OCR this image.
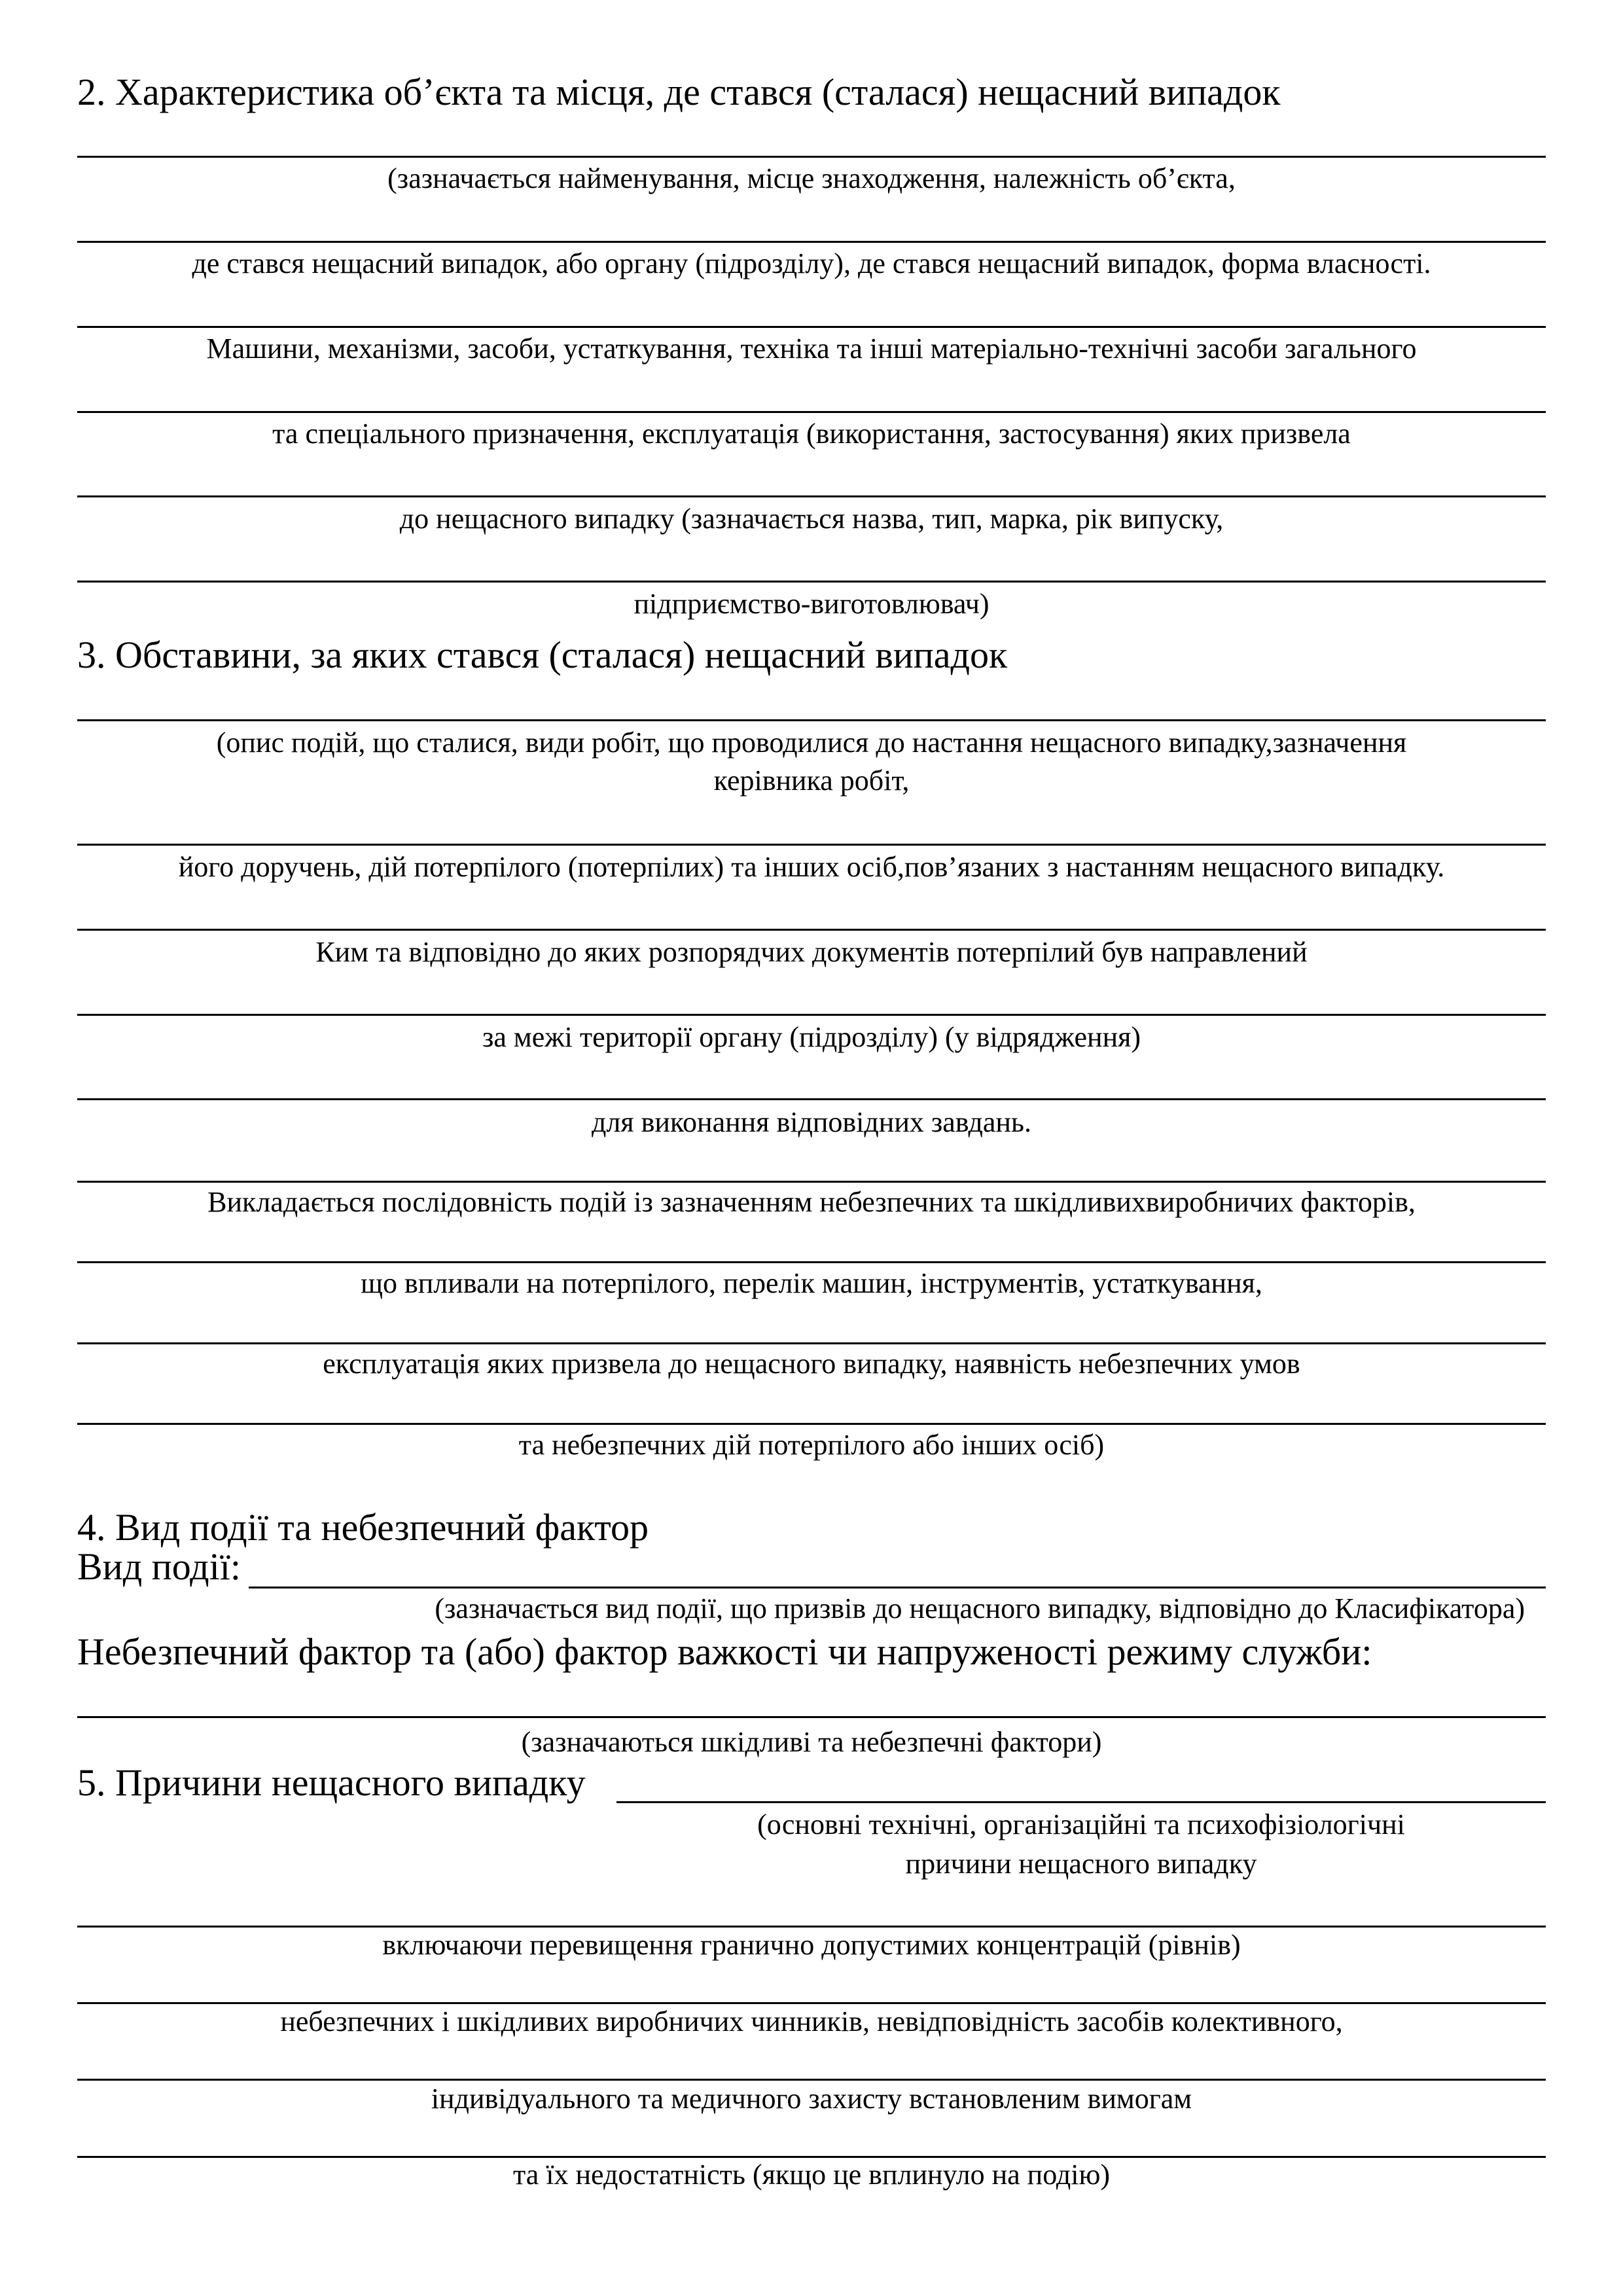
2. Характеристика об’єкта та місця, де стався (сталася) нещасний випадок
(зазначається найменування, місце знаходження, належність об’єкта,
де стався нещасний випадок, або органу (підрозділу), де стався нещасний випадок, форма власності.
Машини, механізми, засоби, устаткування, техніка та інші матеріально-технічні засоби загального
та спеціального призначення, експлуатація (використання, застосування) яких призвела
до нещасного випадку (зазначається назва, тип, марка, рік випуску,
підприємство-виготовлювач)
3. Обставини, за яких стався (сталася) нещасний випадок
(опис подій, що сталися, види робіт, що проводилися до настання нещасного випадку,зазначення
керівника робіт,
його доручень, дій потерпілого (потерпілих) та інших осіб,пов’язаних з настанням нещасного випадку.
Ким та відповідно до яких розпорядчих документів потерпілий був направлений
за межі території органу (підрозділу) (у відрядження)
для виконання відповідних завдань.
Викладається послідовність подій із зазначенням небезпечних та шкідливихвиробничих факторів,
що впливали на потерпілого, перелік машин, інструментів, устаткування,
експлуатація яких призвела до нещасного випадку, наявність небезпечних умов
та небезпечних дій потерпілого або інших осіб)
4. Вид події та небезпечний фактор
Вид події:
(зазначається вид події, що призвів до нещасного випадку, відповідно до Класифікатора)
Небезпечний фактор та (або) фактор важкості чи напруженості режиму служби:
(зазначаються шкідливі та небезпечні фактори)
5. Причини нещасного випадку
(основні технічні, організаційні та психофізіологічні
причини нещасного випадку
включаючи перевищення гранично допустимих концентрацій (рівнів)
небезпечних і шкідливих виробничих чинників, невідповідність засобів колективного,
індивідуального та медичного захисту встановленим вимогам
та їх недостатність (якщо це вплинуло на подію)
